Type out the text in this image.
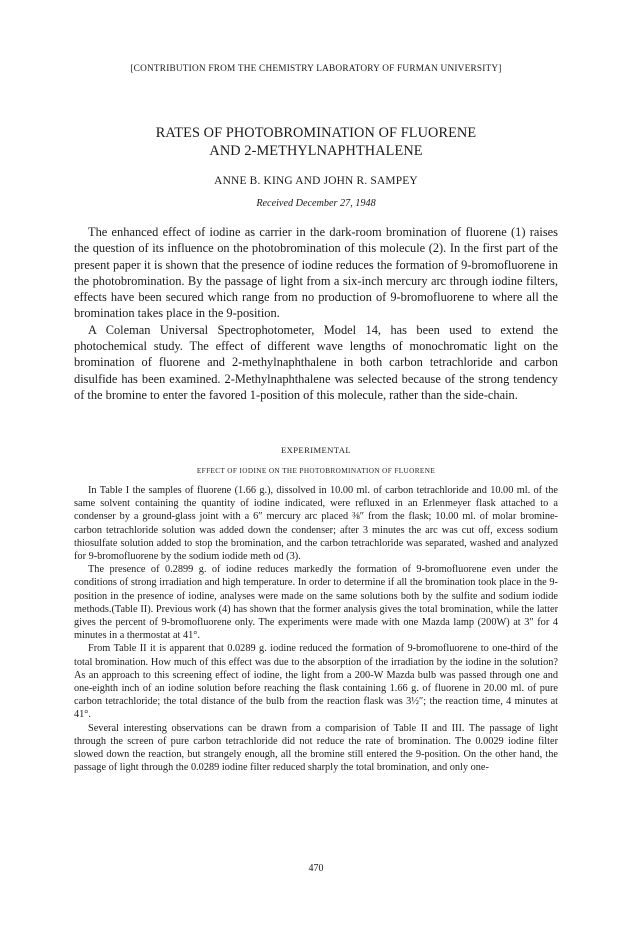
[CONTRIBUTION FROM THE CHEMISTRY LABORATORY OF FURMAN UNIVERSITY]
RATES OF PHOTOBROMINATION OF FLUORENE
AND 2-METHYLNAPHTHALENE
ANNE B. KING AND JOHN R. SAMPEY
Received December 27, 1948

The enhanced effect of iodine as carrier in the dark-room bromination of fluorene (1) raises the question of its influence on the photobromination of this molecule (2). In the first part of the present paper it is shown that the presence of iodine reduces the formation of 9-bromofluorene in the photobromination. By the passage of light from a six-inch mercury arc through iodine filters, effects have been secured which range from no production of 9-bromofluorene to where all the bromination takes place in the 9-position.

A Coleman Universal Spectrophotometer, Model 14, has been used to extend the photochemical study. The effect of different wave lengths of monochromatic light on the bromination of fluorene and 2-methylnaphthalene in both carbon tetrachloride and carbon disulfide has been examined. 2-Methylnaphthalene was selected because of the strong tendency of the bromine to enter the favored 1-position of this molecule, rather than the side-chain.

EXPERIMENTAL
EFFECT OF IODINE ON THE PHOTOBROMINATION OF FLUORENE

In Table I the samples of fluorene (1.66 g.), dissolved in 10.00 ml. of carbon tetrachloride and 10.00 ml. of the same solvent containing the quantity of iodine indicated, were refluxed in an Erlenmeyer flask attached to a condenser by a ground-glass joint with a 6″ mercury arc placed ⅜″ from the flask; 10.00 ml. of molar bromine-carbon tetrachloride solution was added down the condenser; after 3 minutes the arc was cut off, excess sodium thiosulfate solution added to stop the bromination, and the carbon tetrachloride was separated, washed and analyzed for 9-bromofluorene by the sodium iodide meth od (3).

The presence of 0.2899 g. of iodine reduces markedly the formation of 9-bromofluorene even under the conditions of strong irradiation and high temperature. In order to determine if all the bromination took place in the 9-position in the presence of iodine, analyses were made on the same solutions both by the sulfite and sodium iodide methods.(Table II). Previous work (4) has shown that the former analysis gives the total bromination, while the latter gives the percent of 9-bromofluorene only. The experiments were made with one Mazda lamp (200W) at 3″ for 4 minutes in a thermostat at 41°.

From Table II it is apparent that 0.0289 g. iodine reduced the formation of 9-bromofluorene to one-third of the total bromination. How much of this effect was due to the absorption of the irradiation by the iodine in the solution? As an approach to this screening effect of iodine, the light from a 200-W Mazda bulb was passed through one and one-eighth inch of an iodine solution before reaching the flask containing 1.66 g. of fluorene in 20.00 ml. of pure carbon tetrachloride; the total distance of the bulb from the reaction flask was 3½″; the reaction time, 4 minutes at 41°.

Several interesting observations can be drawn from a comparision of Table II and III. The passage of light through the screen of pure carbon tetrachloride did not reduce the rate of bromination. The 0.0029 iodine filter slowed down the reaction, but strangely enough, all the bromine still entered the 9-position. On the other hand, the passage of light through the 0.0289 iodine filter reduced sharply the total bromination, and only one-

470
